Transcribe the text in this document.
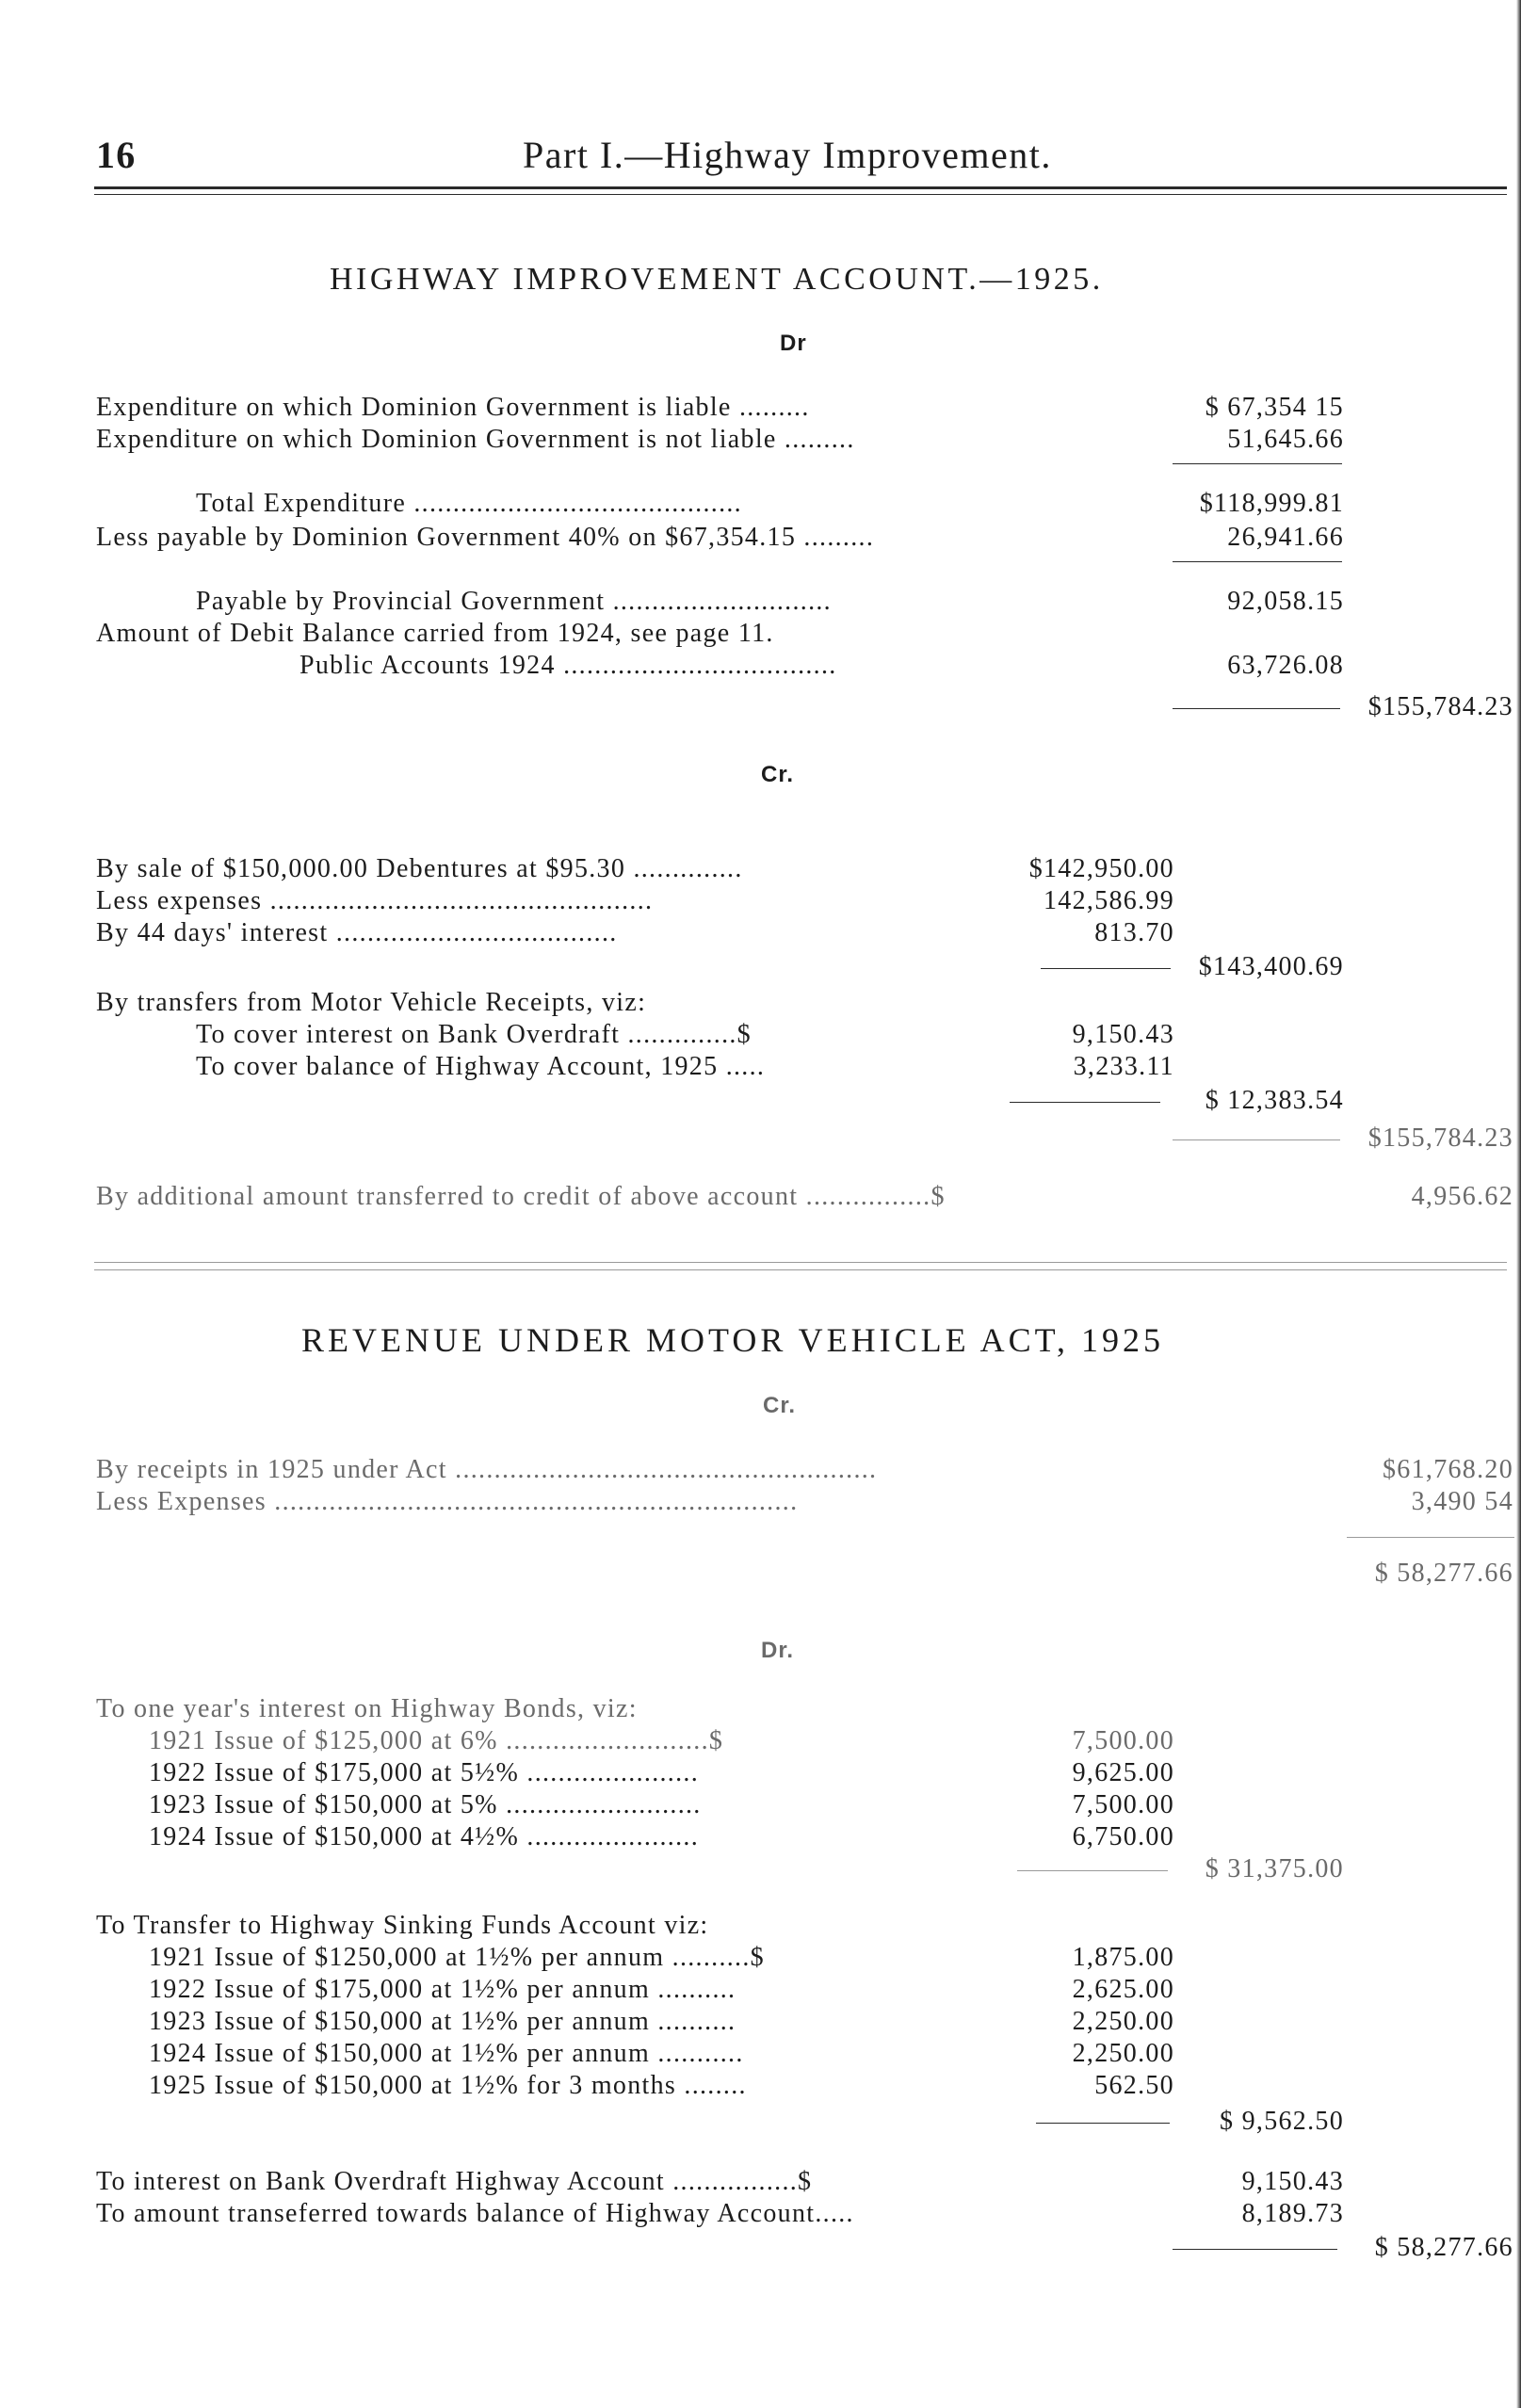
16	Part I.—Highway Improvement.
HIGHWAY IMPROVEMENT ACCOUNT.—1925.
Dr
Expenditure on which Dominion Government is liable .........	$ 67,354 15
Expenditure on which Dominion Government is not liable .........	51,645.66
Total Expenditure ..........................................	$118,999.81
Less payable by Dominion Government 40% on $67,354.15 .........	26,941.66
Payable by Provincial Government ............................	92,058.15
Amount of Debit Balance carried from 1924, see page 11.
Public Accounts 1924 ...................................	63,726.08
$155,784.23
Cr.
By sale of $150,000.00 Debentures at $95.30 ..............	$142,950.00
Less expenses .................................................	142,586.99
By 44 days' interest ....................................	813.70
$143,400.69
By transfers from Motor Vehicle Receipts, viz:
To cover interest on Bank Overdraft ..............$	9,150.43
To cover balance of Highway Account, 1925 .....	3,233.11
$ 12,383.54
$155,784.23
By additional amount transferred to credit of above account ................$	4,956.62
REVENUE UNDER MOTOR VEHICLE ACT, 1925
Cr.
By receipts in 1925 under Act ......................................................	$61,768.20
Less Expenses ...................................................................	3,490 54
$ 58,277.66
Dr.
To one year's interest on Highway Bonds, viz:
1921 Issue of $125,000 at 6% ..........................$	7,500.00
1922 Issue of $175,000 at 5½% ......................	9,625.00
1923 Issue of $150,000 at 5% .........................	7,500.00
1924 Issue of $150,000 at 4½% ......................	6,750.00
$ 31,375.00
To Transfer to Highway Sinking Funds Account viz:
1921 Issue of $1250,000 at 1½% per annum ..........$	1,875.00
1922 Issue of $175,000 at 1½% per annum ..........	2,625.00
1923 Issue of $150,000 at 1½% per annum ..........	2,250.00
1924 Issue of $150,000 at 1½% per annum ...........	2,250.00
1925 Issue of $150,000 at 1½% for 3 months ........	562.50
$ 9,562.50
To interest on Bank Overdraft Highway Account ................$	9,150.43
To amount transeferred towards balance of Highway Account.....	8,189.73
$ 58,277.66
